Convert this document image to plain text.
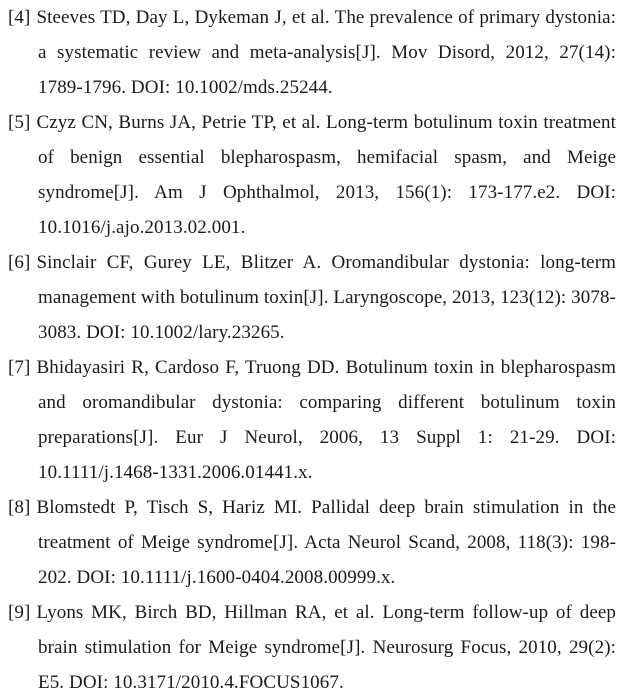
[4] Steeves TD, Day L, Dykeman J, et al. The prevalence of primary dystonia: a systematic review and meta-analysis[J]. Mov Disord, 2012, 27(14): 1789-1796. DOI: 10.1002/mds.25244.

[5] Czyz CN, Burns JA, Petrie TP, et al. Long-term botulinum toxin treatment of benign essential blepharospasm, hemifacial spasm, and Meige syndrome[J]. Am J Ophthalmol, 2013, 156(1): 173-177.e2. DOI: 10.1016/j.ajo.2013.02.001.

[6] Sinclair CF, Gurey LE, Blitzer A. Oromandibular dystonia: long-term management with botulinum toxin[J]. Laryngoscope, 2013, 123(12): 3078-3083. DOI: 10.1002/lary.23265.

[7] Bhidayasiri R, Cardoso F, Truong DD. Botulinum toxin in blepharospasm and oromandibular dystonia: comparing different botulinum toxin preparations[J]. Eur J Neurol, 2006, 13 Suppl 1: 21-29. DOI: 10.1111/j.1468-1331.2006.01441.x.

[8] Blomstedt P, Tisch S, Hariz MI. Pallidal deep brain stimulation in the treatment of Meige syndrome[J]. Acta Neurol Scand, 2008, 118(3): 198-202. DOI: 10.1111/j.1600-0404.2008.00999.x.

[9] Lyons MK, Birch BD, Hillman RA, et al. Long-term follow-up of deep brain stimulation for Meige syndrome[J]. Neurosurg Focus, 2010, 29(2): E5. DOI: 10.3171/2010.4.FOCUS1067.
